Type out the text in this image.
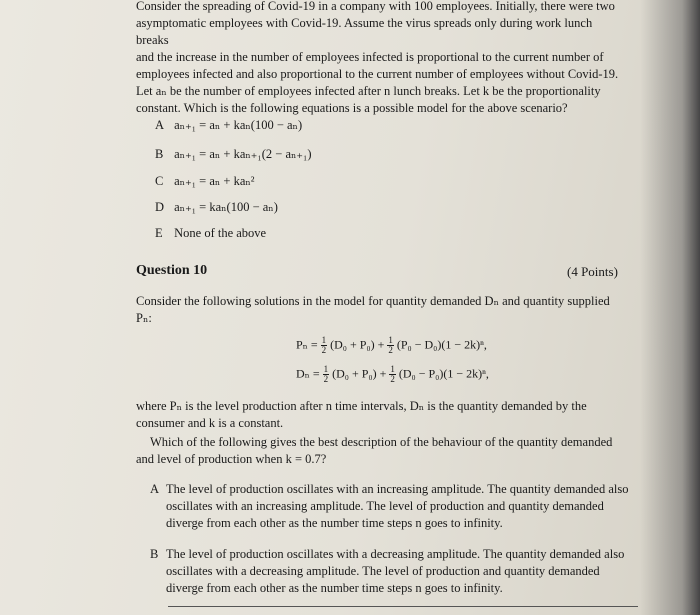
Consider the spreading of Covid-19 in a company with 100 employees. Initially, there were two
asymptomatic employees with Covid-19. Assume the virus spreads only during work lunch breaks
and the increase in the number of employees infected is proportional to the current number of
employees infected and also proportional to the current number of employees without Covid-19.
Let aₙ be the number of employees infected after n lunch breaks. Let k be the proportionality
constant. Which is the following equations is a possible model for the above scenario?
A aₙ₊₁ = aₙ + kaₙ(100 − aₙ)
B aₙ₊₁ = aₙ + kaₙ₊₁(2 − aₙ₊₁)
C aₙ₊₁ = aₙ + kaₙ²
D aₙ₊₁ = kaₙ(100 − aₙ)
E None of the above
Question 10	(4 Points)
Consider the following solutions in the model for quantity demanded Dₙ and quantity supplied
Pₙ:
$P_n = \frac{1}{2} (D_0 + P_0) + \frac{1}{2} (P_0 - D_0)(1 - 2k)^n$,
$D_n = \frac{1}{2} (D_0 + P_0) + \frac{1}{2} (D_0 - P_0)(1 - 2k)^n$,
where Pₙ is the level production after n time intervals, Dₙ is the quantity demanded by the
consumer and k is a constant.
Which of the following gives the best description of the behaviour of the quantity demanded
and level of production when k = 0.7?
A The level of production oscillates with an increasing amplitude. The quantity demanded also
oscillates with an increasing amplitude. The level of production and quantity demanded
diverge from each other as the number time steps n goes to infinity.
B The level of production oscillates with a decreasing amplitude. The quantity demanded also
oscillates with a decreasing amplitude. The level of production and quantity demanded
diverge from each other as the number time steps n goes to infinity.
